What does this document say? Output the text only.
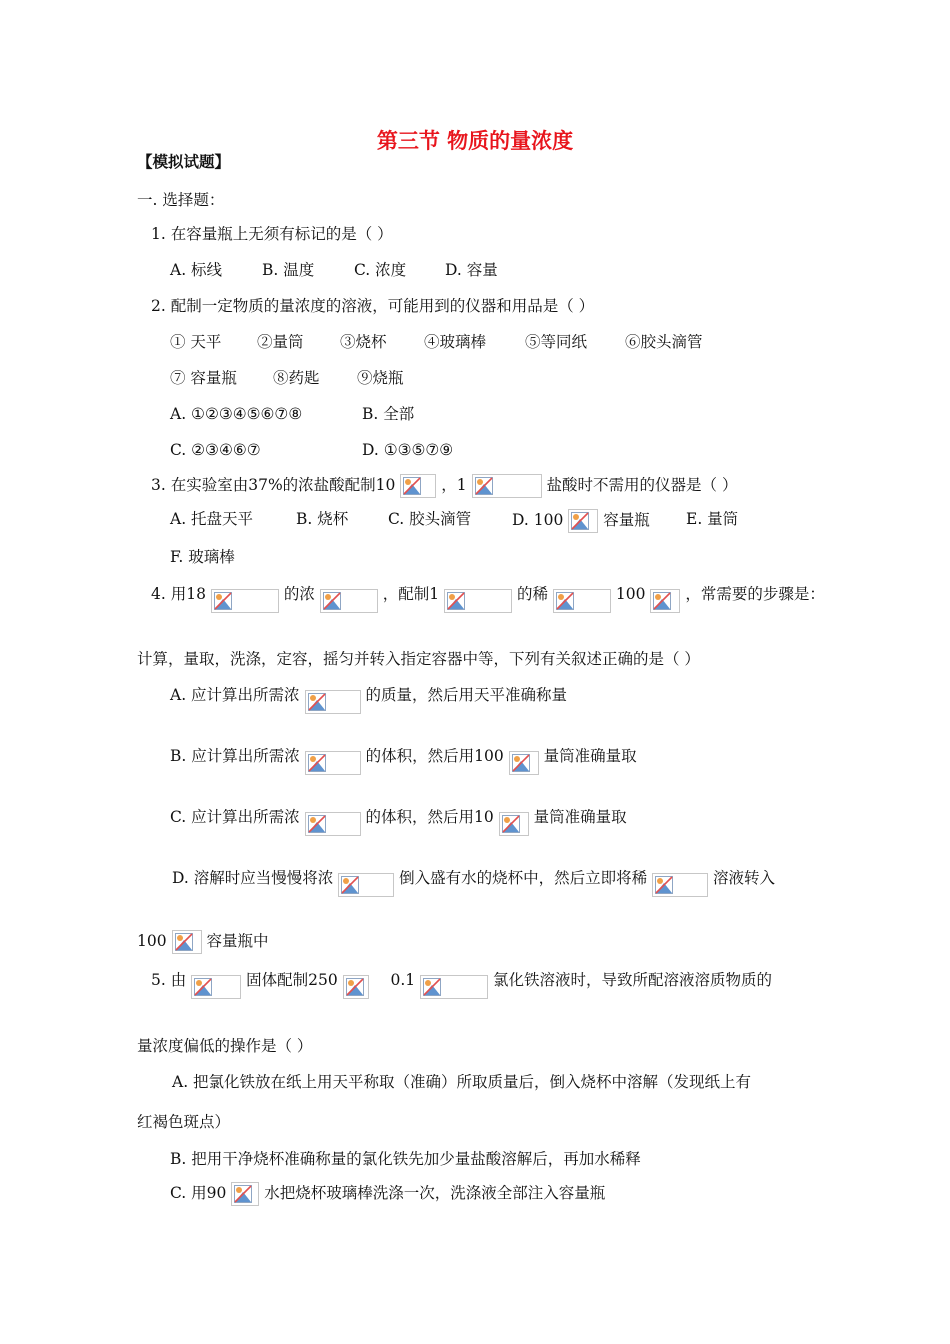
第三节 物质的量浓度
【模拟试题】
一. 选择题：
1. 在容量瓶上无须有标记的是（ ）
A. 标线	B. 温度	C. 浓度	D. 容量
2. 配制一定物质的量浓度的溶液，可能用到的仪器和用品是（ ）
① 天平 ②量筒 ③烧杯 ④玻璃棒	⑤等同纸 ⑥胶头滴管
⑦ 容量瓶 ⑧药匙 ⑨烧瓶
A. ①②③④⑤⑥⑦⑧	B. 全部
C. ②③④⑥⑦	D. ①③⑤⑦⑨
3. 在实验室由37%的浓盐酸配制10	，1	盐酸时不需用的仪器是（ ）
A. 托盘天平	B. 烧杯	C. 胶头滴管	D. 100	容量瓶 E. 量筒
F. 玻璃棒
4. 用18	的浓	，配制1	的稀	100	，常需要的步骤是：
计算，量取，洗涤，定容，摇匀并转入指定容器中等，下列有关叙述正确的是（ ）
A. 应计算出所需浓	的质量，然后用天平准确称量
B. 应计算出所需浓	的体积，然后用100	量筒准确量取
C. 应计算出所需浓	的体积，然后用10	量筒准确量取
D. 溶解时应当慢慢将浓	倒入盛有水的烧杯中，然后立即将稀	溶液转入
100	容量瓶中
5. 由	固体配制250	0.1	氯化铁溶液时，导致所配溶液溶质物质的
量浓度偏低的操作是（ ）
A. 把氯化铁放在纸上用天平称取（准确）所取质量后，倒入烧杯中溶解（发现纸上有
红褐色斑点）
B. 把用干净烧杯准确称量的氯化铁先加少量盐酸溶解后，再加水稀释
C. 用90 水把烧杯玻璃棒洗涤一次，洗涤液全部注入容量瓶
